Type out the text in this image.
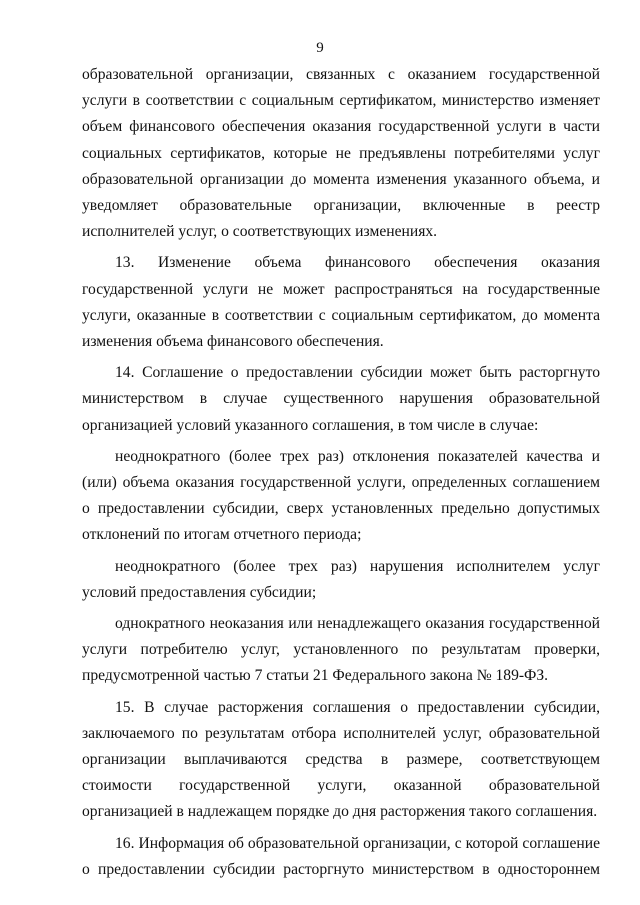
9

образовательной организации, связанных с оказанием государственной услуги в соответствии с социальным сертификатом, министерство изменяет объем финансового обеспечения оказания государственной услуги в части социальных сертификатов, которые не предъявлены потребителями услуг образовательной организации до момента изменения указанного объема, и уведомляет образовательные организации, включенные в реестр исполнителей услуг, о соответствующих изменениях.

13. Изменение объема финансового обеспечения оказания государственной услуги не может распространяться на государственные услуги, оказанные в соответствии с социальным сертификатом, до момента изменения объема финансового обеспечения.

14. Соглашение о предоставлении субсидии может быть расторгнуто министерством в случае существенного нарушения образовательной организацией условий указанного соглашения, в том числе в случае:

неоднократного (более трех раз) отклонения показателей качества и (или) объема оказания государственной услуги, определенных соглашением о предоставлении субсидии, сверх установленных предельно допустимых отклонений по итогам отчетного периода;

неоднократного (более трех раз) нарушения исполнителем услуг условий предоставления субсидии;

однократного неоказания или ненадлежащего оказания государственной услуги потребителю услуг, установленного по результатам проверки, предусмотренной частью 7 статьи 21 Федерального закона № 189-ФЗ.

15. В случае расторжения соглашения о предоставлении субсидии, заключаемого по результатам отбора исполнителей услуг, образовательной организации выплачиваются средства в размере, соответствующем стоимости государственной услуги, оказанной образовательной организацией в надлежащем порядке до дня расторжения такого соглашения.

16. Информация об образовательной организации, с которой соглашение о предоставлении субсидии расторгнуто министерством в одностороннем
